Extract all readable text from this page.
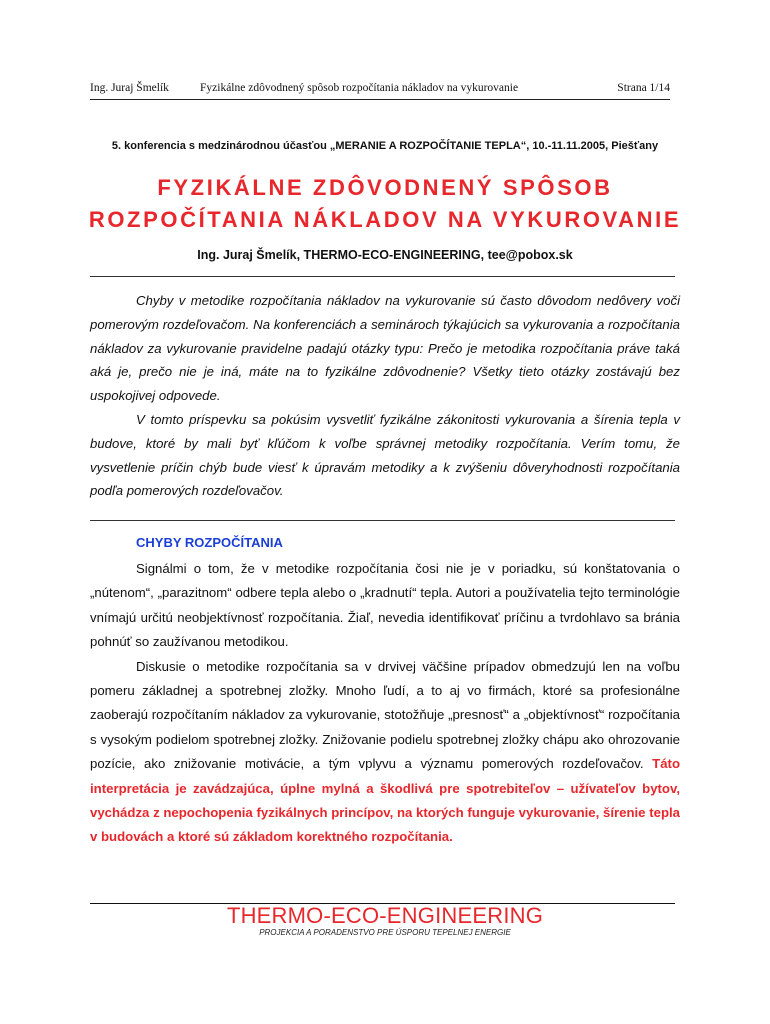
Ing. Juraj Šmelík	Fyzikálne zdôvodnený spôsob rozpočítania nákladov na vykurovanie	Strana 1/14
5. konferencia s medzinárodnou účasťou „MERANIE A ROZPOČÍTANIE TEPLA“, 10.-11.11.2005, Piešťany
FYZIKÁLNE ZDÔVODNENÝ SPÔSOB
ROZPOČÍTANIA NÁKLADOV NA VYKUROVANIE
Ing. Juraj Šmelík, THERMO-ECO-ENGINEERING, tee@pobox.sk

Chyby v metodike rozpočítania nákladov na vykurovanie sú často dôvodom nedôvery voči pomerovým rozdeľovačom. Na konferenciách a seminároch týkajúcich sa vykurovania a rozpočítania nákladov za vykurovanie pravidelne padajú otázky typu: Prečo je metodika rozpočítania práve taká aká je, prečo nie je iná, máte na to fyzikálne zdôvodnenie? Všetky tieto otázky zostávajú bez uspokojivej odpovede.

V tomto príspevku sa pokúsim vysvetliť fyzikálne zákonitosti vykurovania a šírenia tepla v budove, ktoré by mali byť kľúčom k voľbe správnej metodiky rozpočítania. Verím tomu, že vysvetlenie príčin chýb bude viesť k úpravám metodiky a k zvýšeniu dôveryhodnosti rozpočítania podľa pomerových rozdeľovačov.

CHYBY ROZPOČÍTANIA

Signálmi o tom, že v metodike rozpočítania čosi nie je v poriadku, sú konštatovania o „nútenom“, „parazitnom“ odbere tepla alebo o „kradnutí“ tepla. Autori a používatelia tejto terminológie vnímajú určitú neobjektívnosť rozpočítania. Žiaľ, nevedia identifikovať príčinu a tvrdohlavo sa bránia pohnúť so zaužívanou metodikou.

Diskusie o metodike rozpočítania sa v drvivej väčšine prípadov obmedzujú len na voľbu pomeru základnej a spotrebnej zložky. Mnoho ľudí, a to aj vo firmách, ktoré sa profesionálne zaoberajú rozpočítaním nákladov za vykurovanie, stotožňuje „presnosť“ a „objektívnosť“ rozpočítania s vysokým podielom spotrebnej zložky. Znižovanie podielu spotrebnej zložky chápu ako ohrozovanie pozície, ako znižovanie motivácie, a tým vplyvu a významu pomerových rozdeľovačov. Táto interpretácia je zavádzajúca, úplne mylná a škodlivá pre spotrebiteľov – užívateľov bytov, vychádza z nepochopenia fyzikálnych princípov, na ktorých funguje vykurovanie, šírenie tepla v budovách a ktoré sú základom korektného rozpočítania.

THERMO-ECO-ENGINEERING
PROJEKCIA A PORADENSTVO PRE ÚSPORU TEPELNEJ ENERGIE
